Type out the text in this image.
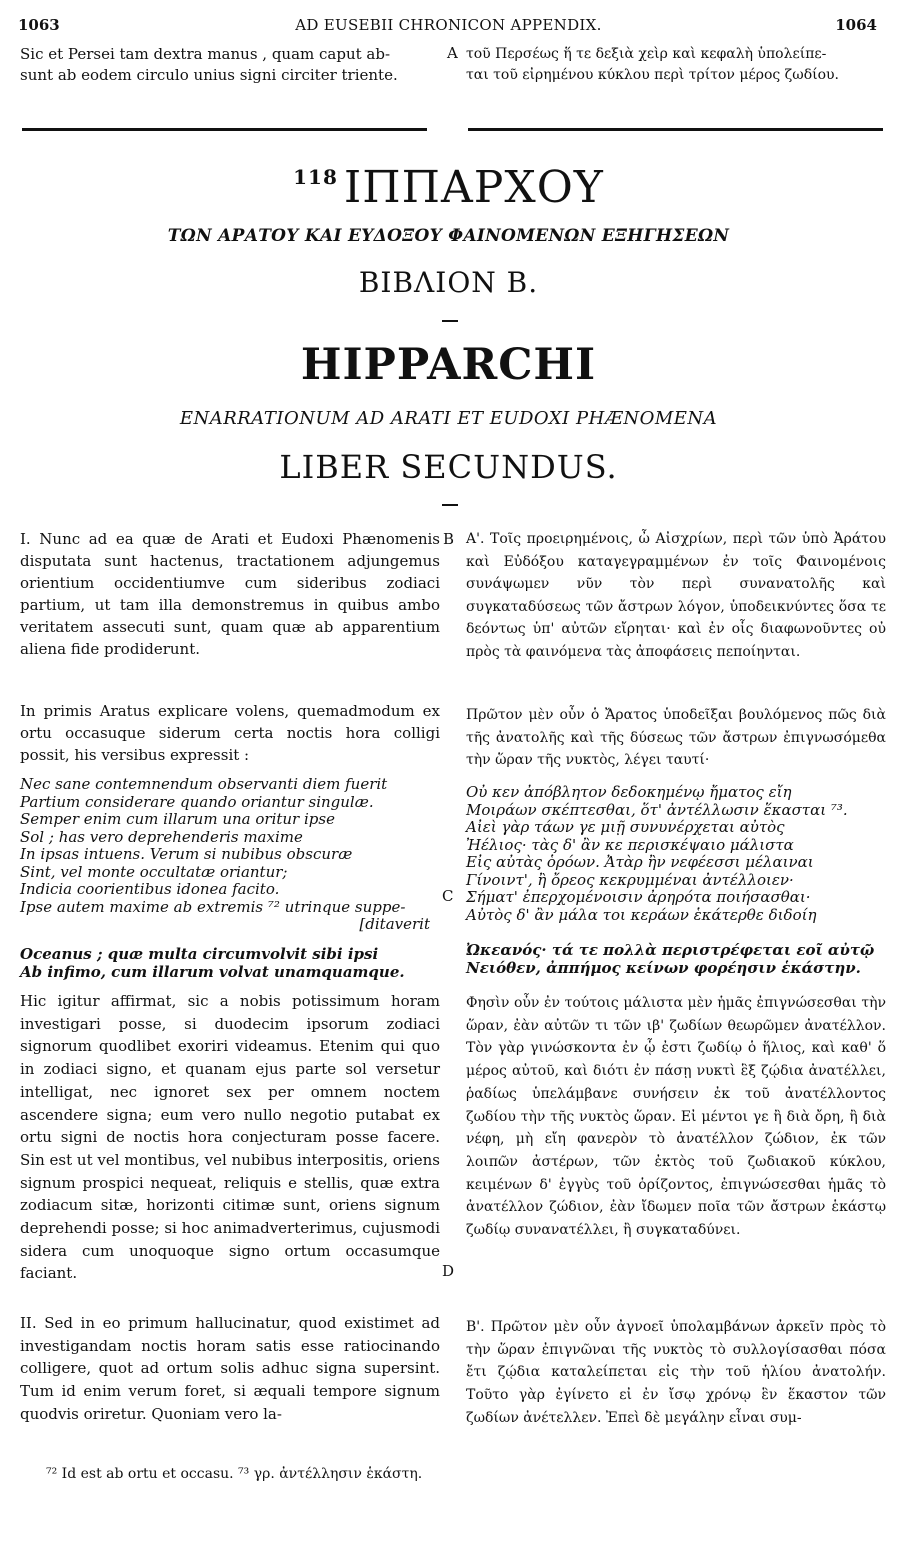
1063	AD EUSEBII CHRONICON APPENDIX.	1064

Sic et Persei tam dextra manus , quam caput ab-

sunt ab eodem circulo unius signi circiter triente.

A τοῦ Περσέως ἥ τε δεξιὰ χεὶρ καὶ κεφαλὴ ὑπολείπε-

ται τοῦ εἰρημένου κύκλου περὶ τρίτον μέρος ζωδίου.

$^{118}$ ΙΠΠΑΡΧΟΥ
ΤΩΝ ΑΡΑΤΟΥ ΚΑΙ ΕΥΔΟΞΟΥ ΦΑΙΝΟΜΕΝΩΝ ΕΞΗΓΗΣΕΩΝ
ΒΙΒΛΙΟΝ Β.
HIPPARCHI
ENARRATIONUM AD ARATI ET EUDOXI PHÆNOMENA
LIBER SECUNDUS.
B
C
D
I. Nunc ad ea quæ de Arati et Eudoxi Phænomenis disputata sunt hactenus, tractationem adjungemus orientium occidentiumve cum sideribus zodiaci partium, ut tam illa demonstremus in quibus ambo veritatem assecuti sunt, quam quæ ab apparentium aliena fide prodiderunt.
In primis Aratus explicare volens, quemadmodum ex ortu occasuque siderum certa noctis hora colligi possit, his versibus expressit :

Nec sane contemnendum observanti diem fuerit

Partium considerare quando oriantur singulæ.

Semper enim cum illarum una oritur ipse

Sol ; has vero deprehenderis maxime

In ipsas intuens. Verum si nubibus obscuræ

Sint, vel monte occultatæ oriantur;

Indicia coorientibus idonea facito.

Ipse autem maxime ab extremis ⁷² utrinque suppe-

[ditaverit

Oceanus ; quæ multa circumvolvit sibi ipsi

Ab infimo, cum illarum volvat unamquamque.

Hic igitur affirmat, sic a nobis potissimum horam investigari posse, si duodecim ipsorum zodiaci signorum quodlibet exoriri videamus. Etenim qui quo in zodiaci signo, et quanam ejus parte sol versetur intelligat, nec ignoret sex per omnem noctem ascendere signa; eum vero nullo negotio putabat ex ortu signi de noctis hora conjecturam posse facere. Sin est ut vel montibus, vel nubibus interpositis, oriens signum prospici nequeat, reliquis e stellis, quæ extra zodiacum sitæ, horizonti citimæ sunt, oriens signum deprehendi posse; si hoc animadverterimus, cujusmodi sidera cum unoquoque signo ortum occasumque faciant.
II. Sed in eo primum hallucinatur, quod existimet ad investigandam noctis horam satis esse ratiocinando colligere, quot ad ortum solis adhuc signa supersint. Tum id enim verum foret, si æquali tempore signum quodvis oriretur. Quoniam vero la-
Α'. Τοῖς προειρημένοις, ὦ Αἰσχρίων, περὶ τῶν ὑπὸ Ἀράτου καὶ Εὐδόξου καταγεγραμμένων ἐν τοῖς Φαινομένοις συνάψωμεν νῦν τὸν περὶ συνανατολῆς καὶ συγκαταδύσεως τῶν ἄστρων λόγον, ὑποδεικνύντες ὅσα τε δεόντως ὑπ' αὐτῶν εἴρηται· καὶ ἐν οἷς διαφωνοῦντες οὐ πρὸς τὰ φαινόμενα τὰς ἀποφάσεις πεποίηνται.
Πρῶτον μὲν οὖν ὁ Ἄρατος ὑποδεῖξαι βουλόμενος πῶς διὰ τῆς ἀνατολῆς καὶ τῆς δύσεως τῶν ἄστρων ἐπιγνωσόμεθα τὴν ὥραν τῆς νυκτὸς, λέγει ταυτί·

Οὐ κεν ἀπόβλητον δεδοκημένῳ ἤματος εἴη

Μοιράων σκέπτεσθαι, ὅτ' ἀντέλλωσιν ἕκασται ⁷³.

Αἰεὶ γὰρ τάων γε μιῇ συνυνέρχεται αὐτὸς

Ἠέλιος· τὰς δ' ἂν κε περισκέψαιο μάλιστα

Εἰς αὐτὰς ὁρόων. Ἀτὰρ ἢν νεφέεσσι μέλαιναι

Γίνοιντ', ἢ ὄρεος κεκρυμμέναι ἀντέλλοιεν·

Σήματ' ἐπερχομένοισιν ἀρηρότα ποιήσασθαι·

Αὐτὸς δ' ἂν μάλα τοι κεράων ἑκάτερθε διδοίη

Ὠκεανός· τά τε πολλὰ περιστρέφεται εοῖ αὐτῷ

Νειόθεν, ἀππήμος κείνων φορέησιν ἑκάστην.

Φησὶν οὖν ἐν τούτοις μάλιστα μὲν ἡμᾶς ἐπιγνώσεσθαι τὴν ὥραν, ἐὰν αὐτῶν τι τῶν ιβ' ζωδίων θεωρῶμεν ἀνατέλλον. Τὸν γὰρ γινώσκοντα ἐν ᾧ ἐστι ζωδίῳ ὁ ἥλιος, καὶ καθ' ὅ μέρος αὐτοῦ, καὶ διότι ἐν πάσῃ νυκτὶ ἓξ ζῴδια ἀνατέλλει, ῥαδίως ὑπελάμβανε συνήσειν ἐκ τοῦ ἀνατέλλοντος ζωδίου τὴν τῆς νυκτὸς ὥραν. Εἰ μέντοι γε ἢ διὰ ὄρη, ἢ διὰ νέφη, μὴ εἴη φανερὸν τὸ ἀνατέλλον ζώδιον, ἐκ τῶν λοιπῶν ἀστέρων, τῶν ἐκτὸς τοῦ ζωδιακοῦ κύκλου, κειμένων δ' ἐγγὺς τοῦ ὁρίζοντος, ἐπιγνώσεσθαι ἡμᾶς τὸ ἀνατέλλον ζώδιον, ἐὰν ἴδωμεν ποῖα τῶν ἄστρων ἑκάστῳ ζωδίῳ συνανατέλλει, ἢ συγκαταδύνει.
Β'. Πρῶτον μὲν οὖν ἀγνοεῖ ὑπολαμβάνων ἀρκεῖν πρὸς τὸ τὴν ὥραν ἐπιγνῶναι τῆς νυκτὸς τὸ συλλογίσασθαι πόσα ἔτι ζῴδια καταλείπεται εἰς τὴν τοῦ ἡλίου ἀνατολήν. Τοῦτο γὰρ ἐγίνετο εἰ ἐν ἴσῳ χρόνῳ ἓν ἕκαστον τῶν ζωδίων ἀνέτελλεν. Ἐπεὶ δὲ μεγάλην εἶναι συμ-
⁷² Id est ab ortu et occasu. ⁷³ γρ. ἀντέλλησιν ἑκάστη.
